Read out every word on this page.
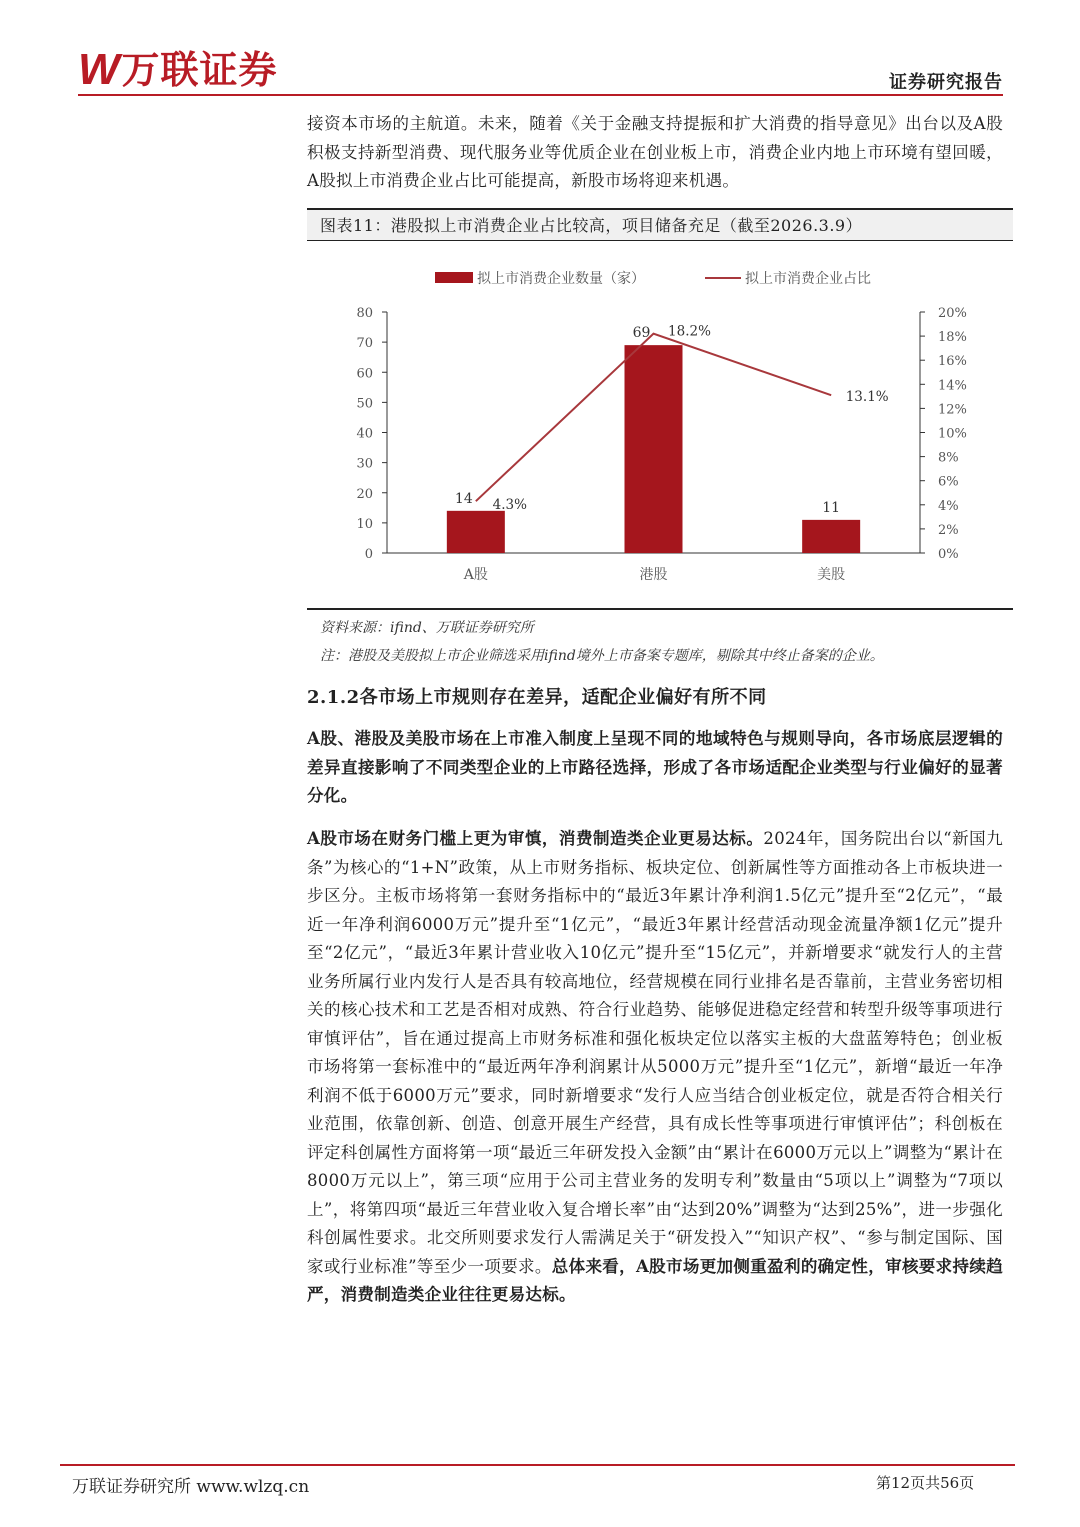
W 万联证券	证券研究报告

接资本市场的主航道。未来，随着《关于金融支持提振和扩大消费的指导意见》出台以及A股积极支持新型消费、现代服务业等优质企业在创业板上市，消费企业内地上市环境有望回暖，A股拟上市消费企业占比可能提高，新股市场将迎来机遇。

图表11：港股拟上市消费企业占比较高，项目储备充足（截至2026.3.9）
0
10
20
30
40
50
60
70
80
0%
2%
4%
6%
8%
10%
12%
14%
16%
18%
20%
A股	港股	美股
14
69
11
4.3%
18.2%
13.1%
拟上市消费企业数量（家）	拟上市消费企业占比
资料来源：ifind、万联证券研究所
注：港股及美股拟上市企业筛选采用ifind境外上市备案专题库，剔除其中终止备案的企业。
2.1.2各市场上市规则存在差异，适配企业偏好有所不同

A股、港股及美股市场在上市准入制度上呈现不同的地域特色与规则导向，各市场底层逻辑的差异直接影响了不同类型企业的上市路径选择，形成了各市场适配企业类型与行业偏好的显著分化。

A股市场在财务门槛上更为审慎，消费制造类企业更易达标。2024年，国务院出台以“新国九条”为核心的“1+N”政策，从上市财务指标、板块定位、创新属性等方面推动各上市板块进一步区分。主板市场将第一套财务指标中的“最近3年累计净利润1.5亿元”提升至“2亿元”，“最近一年净利润6000万元”提升至“1亿元”，“最近3年累计经营活动现金流量净额1亿元”提升至“2亿元”，“最近3年累计营业收入10亿元”提升至“15亿元”，并新增要求“就发行人的主营业务所属行业内发行人是否具有较高地位，经营规模在同行业排名是否靠前，主营业务密切相关的核心技术和工艺是否相对成熟、符合行业趋势、能够促进稳定经营和转型升级等事项进行审慎评估”，旨在通过提高上市财务标准和强化板块定位以落实主板的大盘蓝筹特色；创业板市场将第一套标准中的“最近两年净利润累计从5000万元”提升至“1亿元”，新增“最近一年净利润不低于6000万元”要求，同时新增要求“发行人应当结合创业板定位，就是否符合相关行业范围，依靠创新、创造、创意开展生产经营，具有成长性等事项进行审慎评估”；科创板在评定科创属性方面将第一项“最近三年研发投入金额”由“累计在6000万元以上”调整为“累计在8000万元以上”，第三项“应用于公司主营业务的发明专利”数量由“5项以上”调整为“7项以上”，将第四项“最近三年营业收入复合增长率”由“达到20%”调整为“达到25%”，进一步强化科创属性要求。北交所则要求发行人需满足关于“研发投入”“知识产权”、“参与制定国际、国家或行业标准”等至少一项要求。总体来看，A股市场更加侧重盈利的确定性，审核要求持续趋严，消费制造类企业往往更易达标。

万联证券研究所 www.wlzq.cn	第12页共56页
